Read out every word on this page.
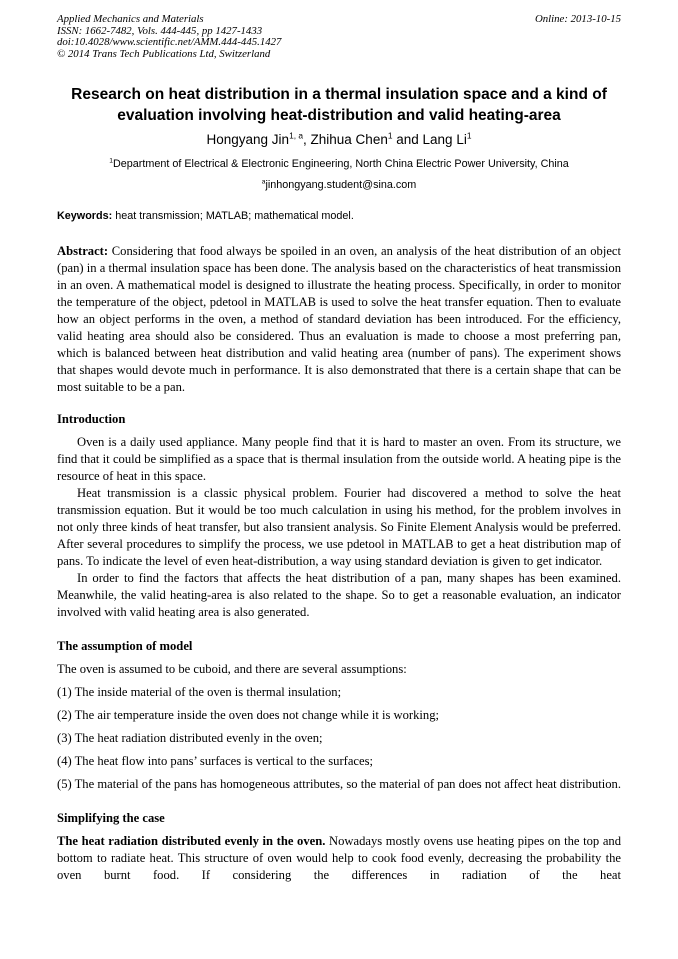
Applied Mechanics and Materials
ISSN: 1662-7482, Vols. 444-445, pp 1427-1433
doi:10.4028/www.scientific.net/AMM.444-445.1427
© 2014 Trans Tech Publications Ltd, Switzerland
Online: 2013-10-15
Research on heat distribution in a thermal insulation space and a kind of
evaluation involving heat-distribution and valid heating-area
Hongyang Jin$^{1, a}$, Zhihua Chen$^1$ and Lang Li$^1$
$^1$Department of Electrical & Electronic Engineering, North China Electric Power University, China
$^a$jinhongyang.student@sina.com
Keywords: heat transmission; MATLAB; mathematical model.

Abstract: Considering that food always be spoiled in an oven, an analysis of the heat distribution of an object (pan) in a thermal insulation space has been done. The analysis based on the characteristics of heat transmission in an oven. A mathematical model is designed to illustrate the heating process. Specifically, in order to monitor the temperature of the object, pdetool in MATLAB is used to solve the heat transfer equation. Then to evaluate how an object performs in the oven, a method of standard deviation has been introduced. For the efficiency, valid heating area should also be considered. Thus an evaluation is made to choose a most preferring pan, which is balanced between heat distribution and valid heating area (number of pans). The experiment shows that shapes would devote much in performance. It is also demonstrated that there is a certain shape that can be most suitable to be a pan.

Introduction

Oven is a daily used appliance. Many people find that it is hard to master an oven. From its structure, we find that it could be simplified as a space that is thermal insulation from the outside world. A heating pipe is the resource of heat in this space.

Heat transmission is a classic physical problem. Fourier had discovered a method to solve the heat transmission equation. But it would be too much calculation in using his method, for the problem involves in not only three kinds of heat transfer, but also transient analysis. So Finite Element Analysis would be preferred. After several procedures to simplify the process, we use pdetool in MATLAB to get a heat distribution map of pans. To indicate the level of even heat-distribution, a way using standard deviation is given to get indicator.

In order to find the factors that affects the heat distribution of a pan, many shapes has been examined. Meanwhile, the valid heating-area is also related to the shape. So to get a reasonable evaluation, an indicator involved with valid heating area is also generated.

The assumption of model

The oven is assumed to be cuboid, and there are several assumptions:

(1) The inside material of the oven is thermal insulation;

(2) The air temperature inside the oven does not change while it is working;

(3) The heat radiation distributed evenly in the oven;

(4) The heat flow into pans’ surfaces is vertical to the surfaces;

(5) The material of the pans has homogeneous attributes, so the material of pan does not affect heat distribution.

Simplifying the case

The heat radiation distributed evenly in the oven. Nowadays mostly ovens use heating pipes on the top and bottom to radiate heat. This structure of oven would help to cook food evenly, decreasing the probability the oven burnt food. If considering the differences in radiation of the heat
